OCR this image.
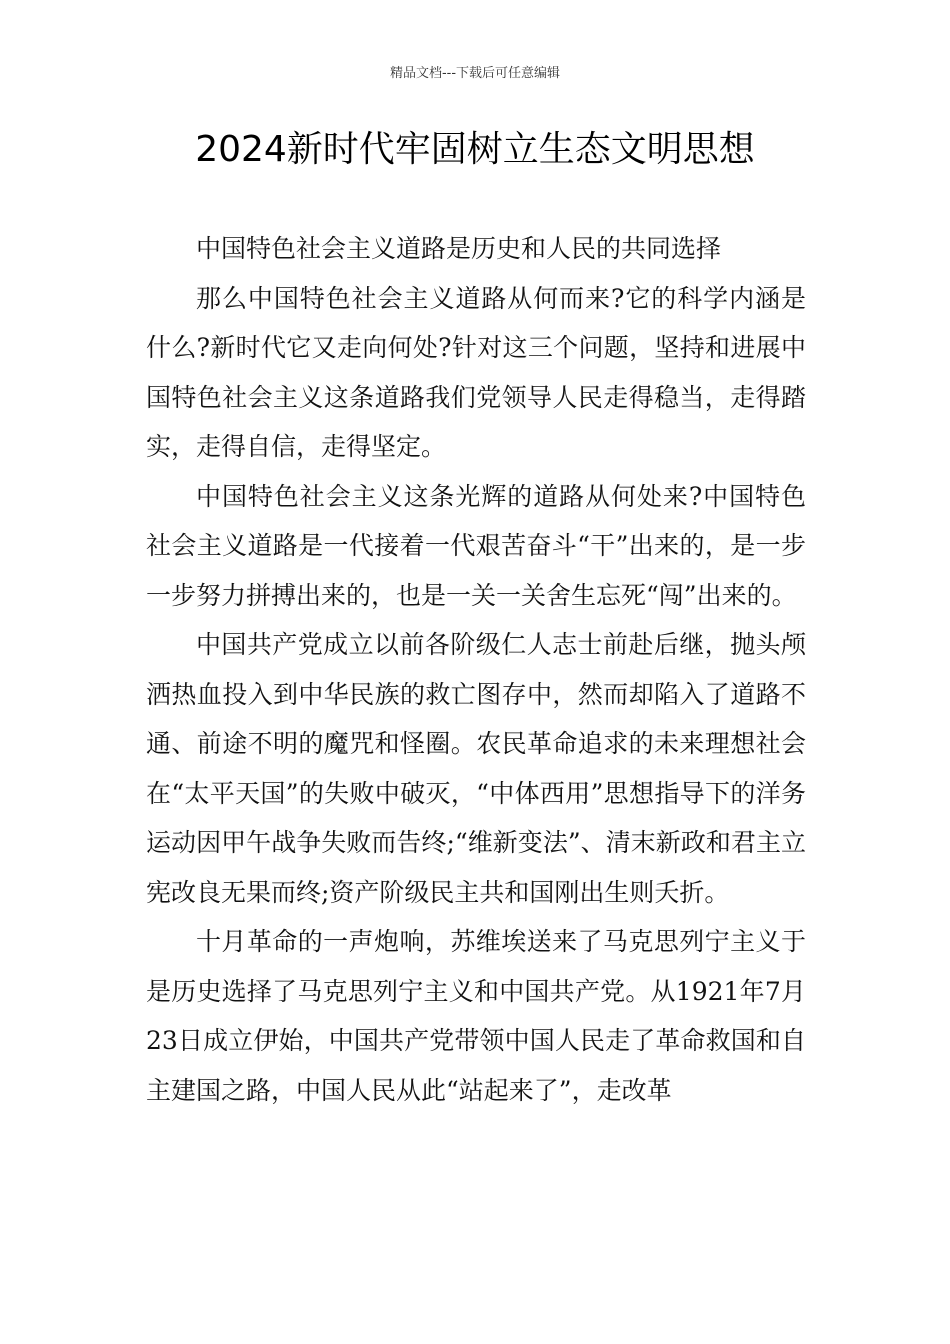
精品文档---下载后可任意编辑
2024新时代牢固树立生态文明思想

中国特色社会主义道路是历史和人民的共同选择

那么中国特色社会主义道路从何而来?它的科学内涵是什么?新时代它又走向何处?针对这三个问题，坚持和进展中国特色社会主义这条道路我们党领导人民走得稳当，走得踏实，走得自信，走得坚定。

中国特色社会主义这条光辉的道路从何处来?中国特色社会主义道路是一代接着一代艰苦奋斗“干”出来的，是一步一步努力拼搏出来的，也是一关一关舍生忘死“闯”出来的。

中国共产党成立以前各阶级仁人志士前赴后继，抛头颅洒热血投入到中华民族的救亡图存中，然而却陷入了道路不通、前途不明的魔咒和怪圈。农民革命追求的未来理想社会在“太平天国”的失败中破灭，“中体西用”思想指导下的洋务运动因甲午战争失败而告终;“维新变法”、清末新政和君主立宪改良无果而终;资产阶级民主共和国刚出生则夭折。

十月革命的一声炮响，苏维埃送来了马克思列宁主义于是历史选择了马克思列宁主义和中国共产党。从1921年7月23日成立伊始，中国共产党带领中国人民走了革命救国和自主建国之路，中国人民从此“站起来了”，走改革
